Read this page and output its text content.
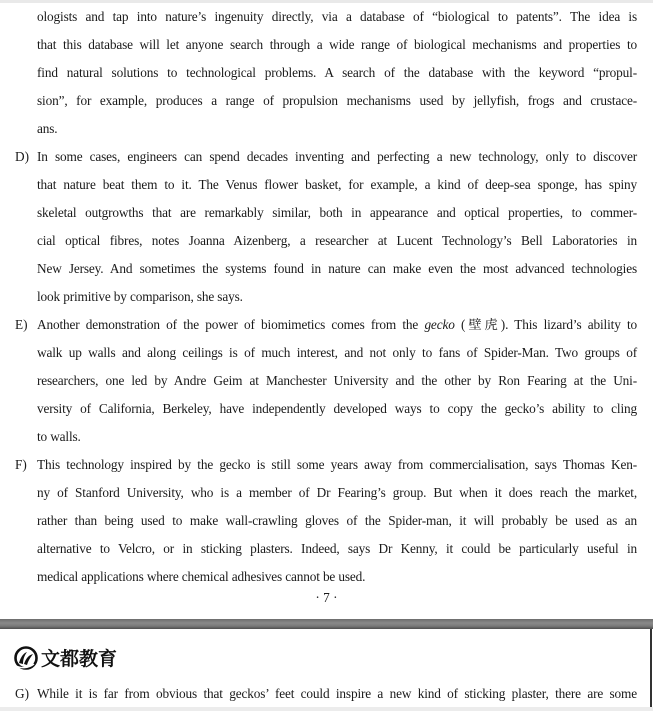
ologists and tap into nature’s ingenuity directly, via a database of “biological to patents”. The idea is
that this database will let anyone search through a wide range of biological mechanisms and properties to
find natural solutions to technological problems. A search of the database with the keyword “propul-
sion”, for example, produces a range of propulsion mechanisms used by jellyfish, frogs and crustace-
ans.
D) In some cases, engineers can spend decades inventing and perfecting a new technology, only to discover
that nature beat them to it. The Venus flower basket, for example, a kind of deep-sea sponge, has spiny
skeletal outgrowths that are remarkably similar, both in appearance and optical properties, to commer-
cial optical fibres, notes Joanna Aizenberg, a researcher at Lucent Technology’s Bell Laboratories in
New Jersey. And sometimes the systems found in nature can make even the most advanced technologies
look primitive by comparison, she says.
E) Another demonstration of the power of biomimetics comes from the gecko (壁虎). This lizard’s ability to
walk up walls and along ceilings is of much interest, and not only to fans of Spider-Man. Two groups of
researchers, one led by Andre Geim at Manchester University and the other by Ron Fearing at the Uni-
versity of California, Berkeley, have independently developed ways to copy the gecko’s ability to cling
to walls.
F) This technology inspired by the gecko is still some years away from commercialisation, says Thomas Ken-
ny of Stanford University, who is a member of Dr Fearing’s group. But when it does reach the market,
rather than being used to make wall-crawling gloves of the Spider-man, it will probably be used as an
alternative to Velcro, or in sticking plasters. Indeed, says Dr Kenny, it could be particularly useful in
medical applications where chemical adhesives cannot be used.
· 7 ·
文都教育
G) While it is far from obvious that geckos’ feet could inspire a new kind of sticking plaster, there are some
